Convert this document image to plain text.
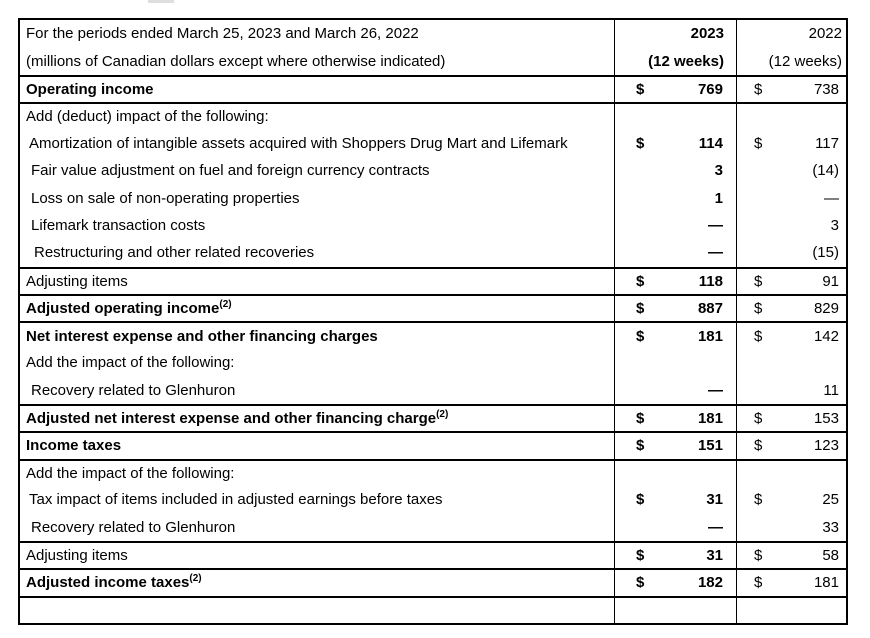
For the periods ended March 25, 2023 and March 26, 2022	2023	2022
(millions of Canadian dollars except where otherwise indicated)	(12 weeks)	(12 weeks)
Operating income	$	769 $	738
Add (deduct) impact of the following:
Amortization of intangible assets acquired with Shoppers Drug Mart and Lifemark	$	114 $	117
Fair value adjustment on fuel and foreign currency contracts	3	(14)
Loss on sale of non-operating properties	1	—
Lifemark transaction costs	—	3
Restructuring and other related recoveries	—	(15)
Adjusting items	$	118 $	91
Adjusted operating income (2)	$	887 $	829
Net interest expense and other financing charges	$	181 $	142
Add the impact of the following:
Recovery related to Glenhuron	—	11
Adjusted net interest expense and other financing charge (2)	$	181 $	153
Income taxes	$	151 $	123
Add the impact of the following:
Tax impact of items included in adjusted earnings before taxes	$	31 $	25
Recovery related to Glenhuron	—	33
Adjusting items	$	31 $	58
Adjusted income taxes (2)	$	182 $	181
